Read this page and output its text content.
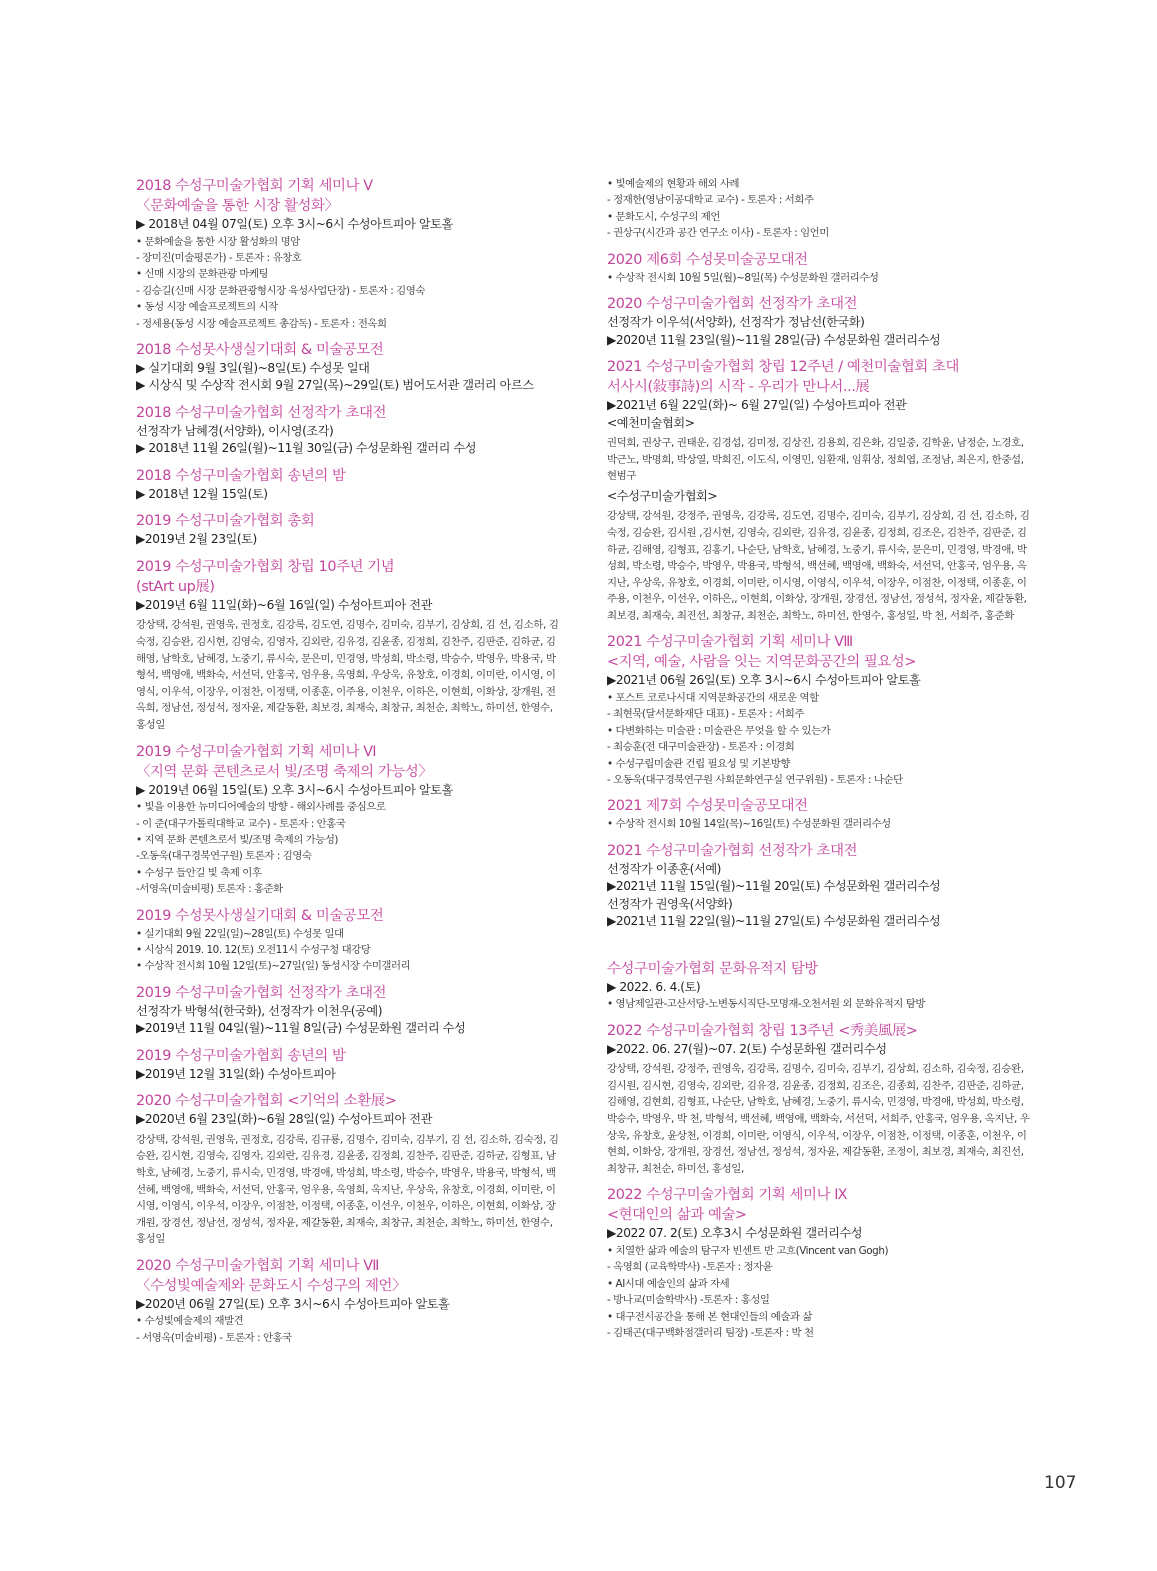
2018 수성구미술가협회 기획 세미나 Ⅴ
〈문화예술을 통한 시장 활성화〉
▶ 2018년 04월 07일(토) 오후 3시~6시 수성아트피아 알토홀
• 문화예술을 통한 시장 활성화의 명암
- 장미진(미술평론가) - 토론자 : 유창호
• 신매 시장의 문화관광 마케팅
- 김승길(신매 시장 문화관광형시장 육성사업단장) - 토론자 : 김영숙
• 동성 시장 예술프로젝트의 시작
- 정세용(동성 시장 예술프로젝트 총감독) - 토론자 : 전옥희
2018 수성못사생실기대회 & 미술공모전
▶ 실기대회 9월 3일(월)~8일(토) 수성못 일대
▶ 시상식 및 수상작 전시회 9월 27일(목)~29일(토) 범어도서관 갤러리 아르스
2018 수성구미술가협회 선정작가 초대전
선정작가 남혜경(서양화), 이시영(조각)
▶ 2018년 11월 26일(월)~11월 30일(금) 수성문화원 갤러리 수성
2018 수성구미술가협회 송년의 밤
▶ 2018년 12월 15일(토)
2019 수성구미술가협회 총회
▶2019년 2월 23일(토)
2019 수성구미술가협회 창립 10주년 기념
(stArt up展)
▶2019년 6월 11일(화)~6월 16일(일) 수성아트피아 전관
강상택, 강석원, 권영욱, 권정호, 김강록, 김도연, 김명수, 김미숙, 김부기, 김상희, 김 선, 김소하, 김숙정, 김승완, 김시현, 김영숙, 김영자, 김외란, 김유경, 김윤종, 김정희, 김찬주, 김판준, 김하균, 김해영, 남학호, 남혜경, 노중기, 류시숙, 문은미, 민경영, 박성희, 박소령, 박승수, 박영우, 박용국, 박형석, 백영애, 백화숙, 서선덕, 안홍국, 엄우용, 옥영희, 우상욱, 유창호, 이경희, 이미란, 이시영, 이영식, 이우석, 이장우, 이점찬, 이정택, 이종훈, 이주용, 이천우, 이하은, 이현희, 이화상, 장개원, 전옥희, 정남선, 정성석, 정자윤, 제갈동환, 최보경, 최재숙, 최창규, 최천순, 최학노, 하미선, 한영수, 홍성일
2019 수성구미술가협회 기획 세미나 Ⅵ
〈지역 문화 콘텐츠로서 빛/조명 축제의 가능성〉
▶ 2019년 06월 15일(토) 오후 3시~6시 수성아트피아 알토홀
• 빛을 이용한 뉴미디어예술의 방향 - 해외사례를 중심으로
- 이 준(대구가톨릭대학교 교수) - 토론자 : 안홍국
• 지역 문화 콘텐츠로서 빛/조명 축제의 가능성)
-오동욱(대구경북연구원) 토론자 : 김영숙
• 수성구 들안길 빛 축제 이후
-서영옥(미술비평) 토론자 : 홍준화
2019 수성못사생실기대회 & 미술공모전
• 실기대회 9월 22일(일)~28일(토) 수성못 일대
• 시상식 2019. 10. 12(토) 오전11시 수성구청 대강당
• 수상작 전시회 10월 12일(토)~27일(일) 동성시장 수미갤러리
2019 수성구미술가협회 선정작가 초대전
선정작가 박형석(한국화), 선정작가 이천우(공예)
▶2019년 11월 04일(월)~11월 8일(금) 수성문화원 갤러리 수성
2019 수성구미술가협회 송년의 밤
▶2019년 12월 31일(화) 수성아트피아
2020 수성구미술가협회 <기억의 소환展>
▶2020년 6월 23일(화)~6월 28일(일) 수성아트피아 전관
강상택, 강석원, 권영욱, 권정호, 김강록, 김규룡, 김명수, 김미숙, 김부기, 김 선, 김소하, 김숙정, 김승완, 김시현, 김영숙, 김영자, 김외란, 김유경, 김윤종, 김정희, 김찬주, 김판준, 김하균, 김형표, 남학호, 남혜경, 노중기, 류시숙, 민경영, 박경애, 박성희, 박소령, 박승수, 박영우, 박용국, 박형석, 백선혜, 백영애, 백화숙, 서선덕, 안홍국, 엄우용, 옥영희, 옥지난, 우상욱, 유창호, 이경희, 이미란, 이시영, 이영식, 이우석, 이장우, 이점찬, 이정택, 이종훈, 이선우, 이천우, 이하은, 이현희, 이화상, 장개원, 장경선, 정남선, 정성석, 정자윤, 제갈동환, 최재숙, 최창규, 최천순, 최학노, 하미선, 한영수, 홍성일
2020 수성구미술가협회 기획 세미나 Ⅶ
〈수성빛예술제와 문화도시 수성구의 제언〉
▶2020년 06월 27일(토) 오후 3시~6시 수성아트피아 알토홀
• 수성빛예술제의 재발견
- 서영옥(미술비평) - 토론자 : 안홍국
• 빛예술제의 현황과 해외 사례
- 정재한(영남이공대학교 교수) - 토론자 : 서희주
• 문화도시, 수성구의 제언
- 권상구(시간과 공간 연구소 이사) - 토론자 : 임언미
2020 제6회 수성못미술공모대전
• 수상작 전시회 10월 5일(월)~8일(목) 수성문화원 갤러리수성
2020 수성구미술가협회 선정작가 초대전
선정작가 이우석(서양화), 선정작가 정남선(한국화)
▶2020년 11월 23일(월)~11월 28일(금) 수성문화원 갤러리수성
2021 수성구미술가협회 창립 12주년 / 예천미술협회 초대
서사시(敍事詩)의 시작 - 우리가 만나서...展
▶2021년 6월 22일(화)~ 6월 27일(일) 수성아트피아 전관
<예천미술협회>
권덕희, 권상구, 권태운, 김경섭, 김미정, 김상진, 김용희, 김은화, 김일중, 김학윤, 남정순, 노경호, 박근노, 박명희, 박상열, 박희진, 이도식, 이영민, 임환재, 임휘상, 정희엽, 조정남, 최은지, 한중섭, 현범구
<수성구미술가협회>
강상택, 강석원, 강정주, 권영욱, 김강록, 김도연, 김명수, 김미숙, 김부기, 김상희, 김 선, 김소하, 김숙정, 김승완, 김시원 ,김시현, 김영숙, 김외란, 김유경, 김윤종, 김정희, 김조은, 김찬주, 김판준, 김하균, 김해영, 김형표, 김홍기, 나순단, 남학호, 남혜경, 노중기, 류시숙, 문은미, 민경영, 박경애, 박성희, 박소령, 박승수, 박영우, 박용국, 박형석, 백선혜, 백영애, 백화숙, 서선덕, 안홍국, 엄우용, 옥지난, 우상욱, 유창호, 이경희, 이미란, 이시영, 이영식, 이우석, 이장우, 이점찬, 이정택, 이종훈, 이주용, 이천우, 이선우, 이하은,, 이현희, 이화상, 장개원, 장경선, 정남선, 정성석, 정자윤, 제갈동환, 최보경, 최재숙, 최진선, 최창규, 최천순, 최학노, 하미선, 한영수, 홍성일, 박 천, 서희주, 홍준화
2021 수성구미술가협회 기획 세미나 Ⅷ
<지역, 예술, 사람을 잇는 지역문화공간의 필요성>
▶2021년 06월 26일(토) 오후 3시~6시 수성아트피아 알토홀
• 포스트 코로나시대 지역문화공간의 새로운 역할
- 최현묵(달서문화재단 대표) - 토론자 : 서희주
• 다변화하는 미술관 : 미술관은 무엇을 할 수 있는가
- 최승훈(전 대구미술관장) - 토론자 : 이경희
• 수성구립미술관 건립 필요성 및 기본방향
- 오동욱(대구경북연구원 사회문화연구실 연구위원) - 토론자 : 나순단
2021 제7회 수성못미술공모대전
• 수상작 전시회 10월 14일(목)~16일(토) 수성문화원 갤러리수성
2021 수성구미술가협회 선정작가 초대전
선정작가 이종훈(서예)
▶2021년 11월 15일(월)~11월 20일(토) 수성문화원 갤러리수성
선정작가 권영욱(서양화)
▶2021년 11월 22일(월)~11월 27일(토) 수성문화원 갤러리수성
수성구미술가협회 문화유적지 탐방
▶ 2022. 6. 4.(토)
• 영남제일관-고산서당-노변동시직단-모명재-오천서원 외 문화유적지 탐방
2022 수성구미술가협회 창립 13주년 <秀美風展>
▶2022. 06. 27(월)~07. 2(토) 수성문화원 갤러리수성
강상택, 강석원, 강정주, 권영욱, 김강록, 김명수, 김미숙, 김부기, 김상희, 김소하, 김숙정, 김승완, 김시원, 김시현, 김영숙, 김외란, 김유경, 김윤종, 김정희, 김조은, 김종희, 김찬주, 김판준, 김하균, 김해영, 김현희, 김형표, 나순단, 남학호, 남혜경, 노중기, 류시숙, 민경영, 박경애, 박성희, 박소령, 박승수, 박영우, 박 천, 박형석, 백선혜, 백영애, 백화숙, 서선덕, 서희주, 안홍국, 엄우용, 옥지난, 우상욱, 유창호, 윤상천, 이경희, 이미란, 이영식, 이우석, 이장우, 이점찬, 이정택, 이종훈, 이천우, 이현희, 이화상, 장개원, 장경선, 정남선, 정성석, 정자윤, 제갈동환, 조정이, 최보경, 최재숙, 최진선, 최창규, 최천순, 하미선, 홍성일,
2022 수성구미술가협회 기획 세미나 Ⅸ
<현대인의 삶과 예술>
▶2022 07. 2(토) 오후3시 수성문화원 갤러리수성
• 치열한 삶과 예술의 탐구자 빈센트 반 고흐(Vincent van Gogh)
- 옥영희 (교육학박사) -토론자 : 정자윤
• AI시대 예술인의 삶과 자세
- 방나교(미술학박사) -토론자 : 홍성일
• 대구전시공간을 통해 본 현대인들의 예술과 삶
- 김태곤(대구백화점갤러리 팀장) -토론자 : 박 천
107
